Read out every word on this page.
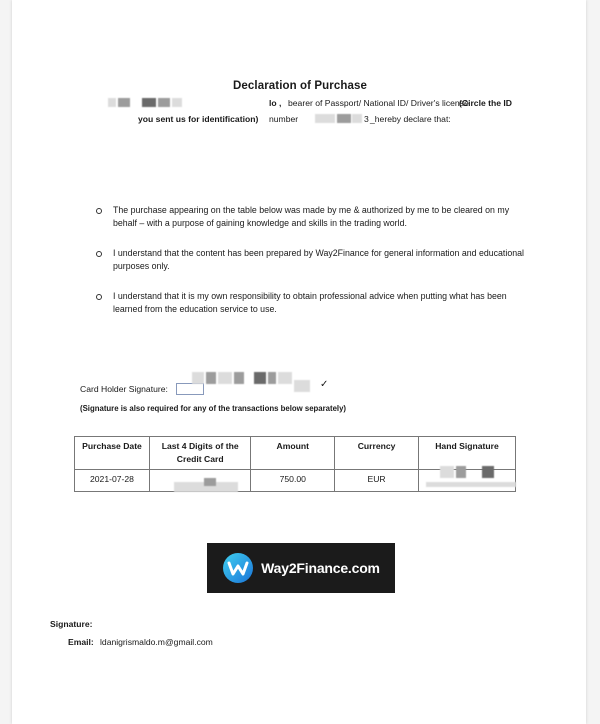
Declaration of Purchase
lo , bearer of Passport/ National ID/ Driver's license
(Circle the ID
you sent us for identification) number	3 _hereby declare that:
The purchase appearing on the table below was made by me & authorized by me to be cleared on my behalf – with a purpose of gaining knowledge and skills in the trading world.
I understand that the content has been prepared by Way2Finance for general information and educational purposes only.
I understand that it is my own responsibility to obtain professional advice when putting what has been learned from the education service to use.
Card Holder Signature:	✓
(Signature is also required for any of the transactions below separately)
Purchase Date	Last 4 Digits of the Credit Card	Amount	Currency	Hand Signature
2021-07-28		750.00	EUR	
Way2Finance.com
Signature:
Email: ldanigrismaldo.m@gmail.com
